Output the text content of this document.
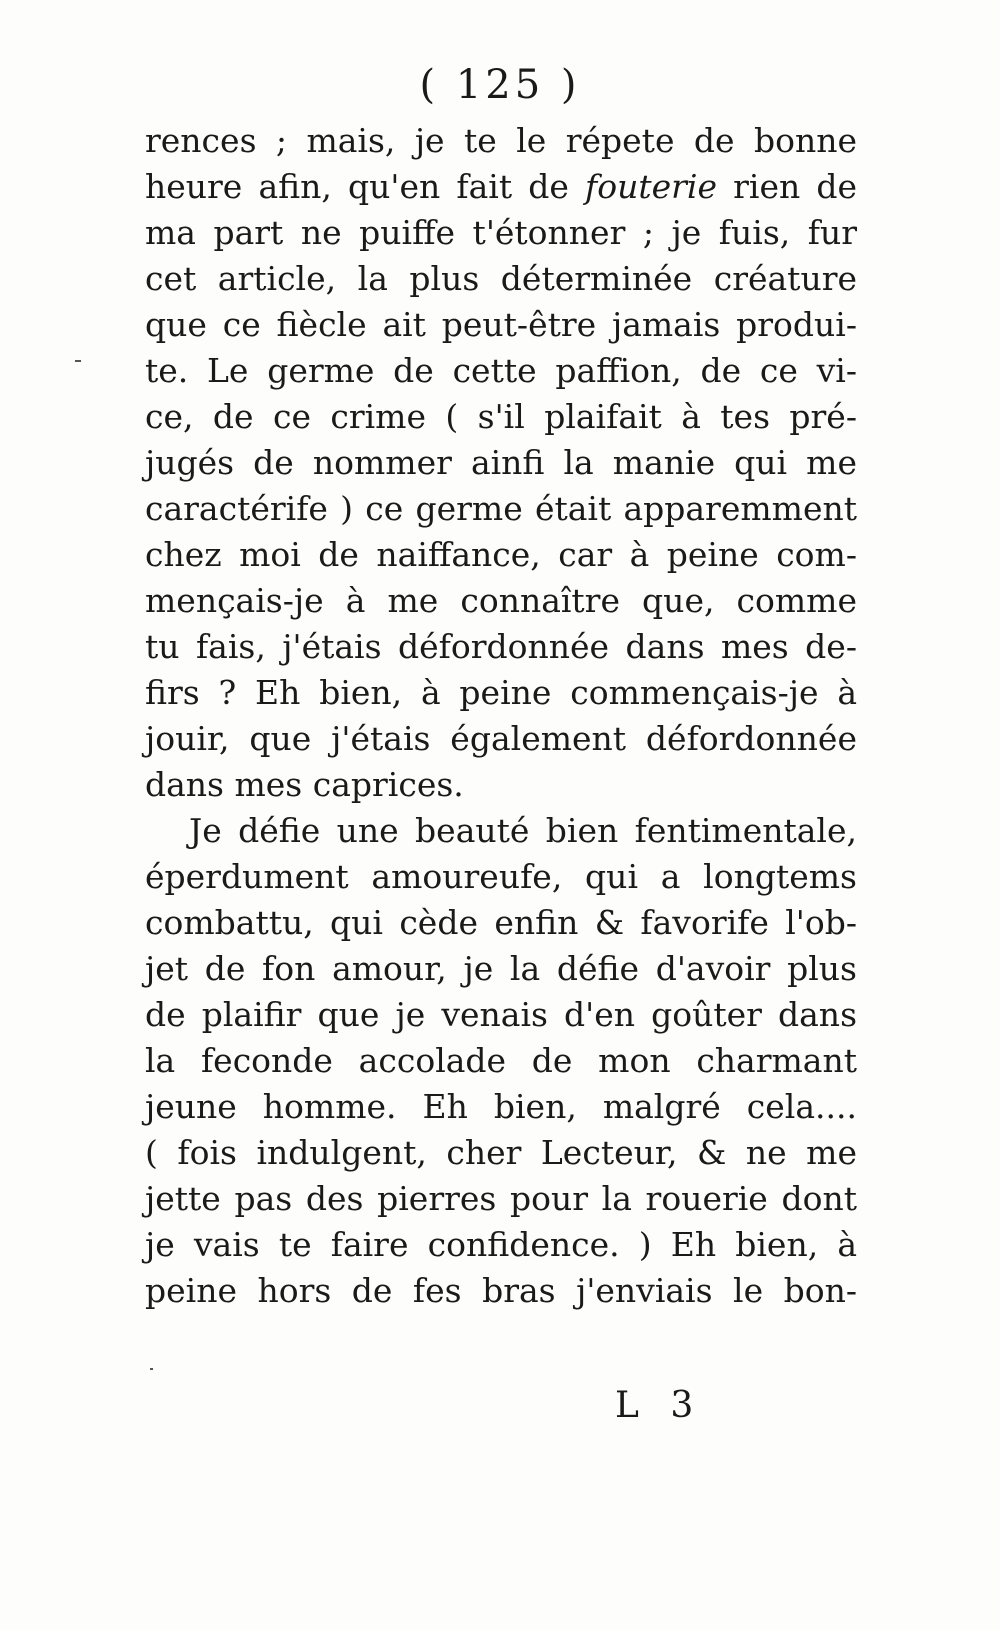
( 125 )
rences ; mais, je te le répete de bonne
heure afin, qu'en fait de fouterie rien de
ma part ne puiffe t'étonner ; je fuis, fur
cet article, la plus déterminée créature
que ce fiècle ait peut-être jamais produi-
te. Le germe de cette paffion, de ce vi-
ce, de ce crime ( s'il plaifait à tes pré-
jugés de nommer ainfi la manie qui me
caractérife ) ce germe était apparemment
chez moi de naiffance, car à peine com-
mençais-je à me connaître que, comme
tu fais, j'étais défordonnée dans mes de-
firs ? Eh bien, à peine commençais-je à
jouir, que j'étais également défordonnée
dans mes caprices.
Je défie une beauté bien fentimentale,
éperdument amoureufe, qui a longtems
combattu, qui cède enfin & favorife l'ob-
jet de fon amour, je la défie d'avoir plus
de plaifir que je venais d'en goûter dans
la feconde accolade de mon charmant
jeune homme. Eh bien, malgré cela....
( fois indulgent, cher Lecteur, & ne me
jette pas des pierres pour la rouerie dont
je vais te faire confidence. ) Eh bien, à
peine hors de fes bras j'enviais le bon-
L 3
